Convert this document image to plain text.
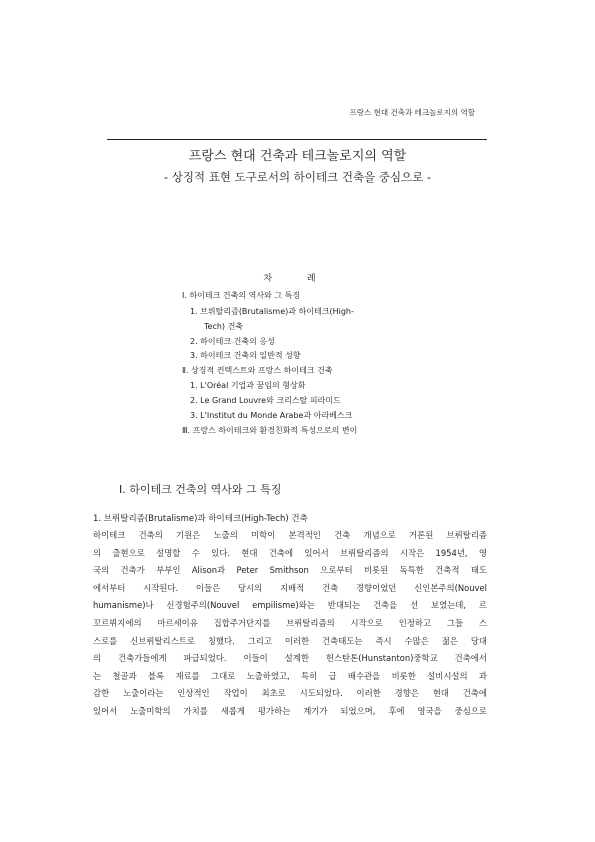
프랑스 현대 건축과 테크놀로지의 역할
프랑스 현대 건축과 테크놀로지의 역할
- 상징적 표현 도구로서의 하이테크 건축을 중심으로 -
차 례
Ⅰ. 하이테크 건축의 역사와 그 특징
1. 브뤼탈리즘(Brutalisme)과 하이테크(High-
Tech) 건축
2. 하이테크 건축의 응성
3. 하이테크 건축의 일반적 성향
Ⅱ. 상징적 컨텍스트와 프랑스 하이테크 건축
1. L'Oréal 기업과 꿈임의 형상화
2. Le Grand Louvre와 크리스탈 피라미드
3. L'Institut du Monde Arabe과 아라베스크
Ⅲ. 프랑스 하이테크와 환경친화적 특성으로의 변이
Ⅰ. 하이테크 건축의 역사와 그 특징
1. 브뤼탈리즘(Brutalisme)과 하이테크(High-Tech) 건축
하이테크 건축의 기원은 노출의 미학이 본격적인 건축 개념으로 거론된 브뤼탈리즘
의 출현으로 설명할 수 있다. 현대 건축에 있어서 브뤼탈리즘의 시작은 1954년, 영
국의 건축가 부부인 Alison과 Peter Smithson 으로부터 비롯된 독특한 건축적 태도
에서부터 시작된다. 이들은 당시의 지배적 건축 경향이었던 신인본주의(Nouvel
humanisme)나 신경험주의(Nouvel empilisme)와는 반대되는 건축을 선 보였는데, 르
꼬르뷔지에의 마르세이유 집합주거단지를 브뤼탈리즘의 시작으로 인정하고 그들 스
스로를 신브뤼탈리스트로 칭했다. 그리고 이러한 건축태도는 즉시 수많은 젊은 당대
의 건축가들에게 파급되었다. 이들이 설계한 헌스탄톤(Hunstanton)중학교 건축에서
는 철골과 블록 재료를 그대로 노출하였고, 특히 급 배수관을 비롯한 설비시설의 과
감한 노출이라는 인상적인 작업이 최초로 시도되었다. 이러한 경향은 현대 건축에
있어서 노출미학의 가치를 새롭게 평가하는 계기가 되었으며, 후에 영국을 중심으로
